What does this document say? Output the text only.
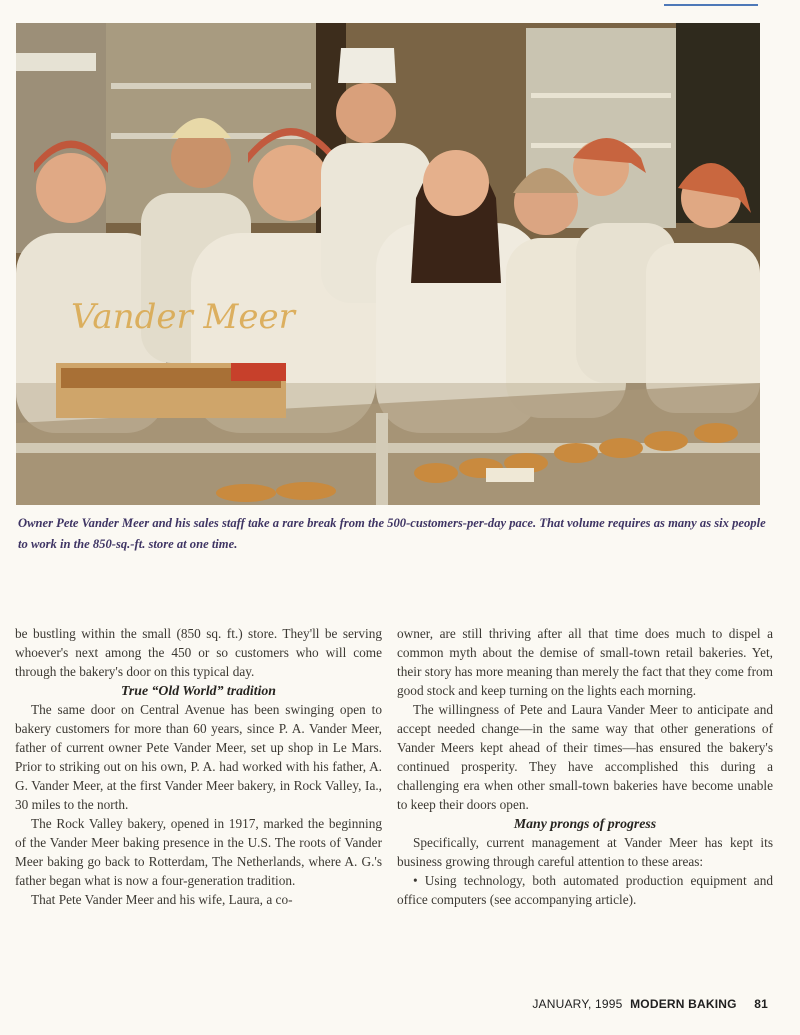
Vander Meer

Owner Pete Vander Meer and his sales staff take a rare break from the 500-customers-per-day pace. That volume requires as many as six people to work in the 850-sq.-ft. store at one time.

be bustling within the small (850 sq. ft.) store. They'll be serving whoever's next among the 450 or so customers who will come through the bakery's door on this typical day.

True “Old World” tradition

The same door on Central Avenue has been swinging open to bakery customers for more than 60 years, since P. A. Vander Meer, father of current owner Pete Vander Meer, set up shop in Le Mars. Prior to striking out on his own, P. A. had worked with his father, A. G. Vander Meer, at the first Vander Meer bakery, in Rock Valley, Ia., 30 miles to the north.

The Rock Valley bakery, opened in 1917, marked the beginning of the Vander Meer baking presence in the U.S. The roots of Vander Meer baking go back to Rotterdam, The Netherlands, where A. G.'s father began what is now a four-generation tradition.

That Pete Vander Meer and his wife, Laura, a co-

owner, are still thriving after all that time does much to dispel a common myth about the demise of small-town retail bakeries. Yet, their story has more meaning than merely the fact that they come from good stock and keep turning on the lights each morning.

The willingness of Pete and Laura Vander Meer to anticipate and accept needed change—in the same way that other generations of Vander Meers kept ahead of their times—has ensured the bakery's continued prosperity. They have accomplished this during a challenging era when other small-town bakeries have become unable to keep their doors open.

Many prongs of progress

Specifically, current management at Vander Meer has kept its business growing through careful attention to these areas:

• Using technology, both automated production equipment and office computers (see accompanying article).

JANUARY, 1995 MODERN BAKING 81
